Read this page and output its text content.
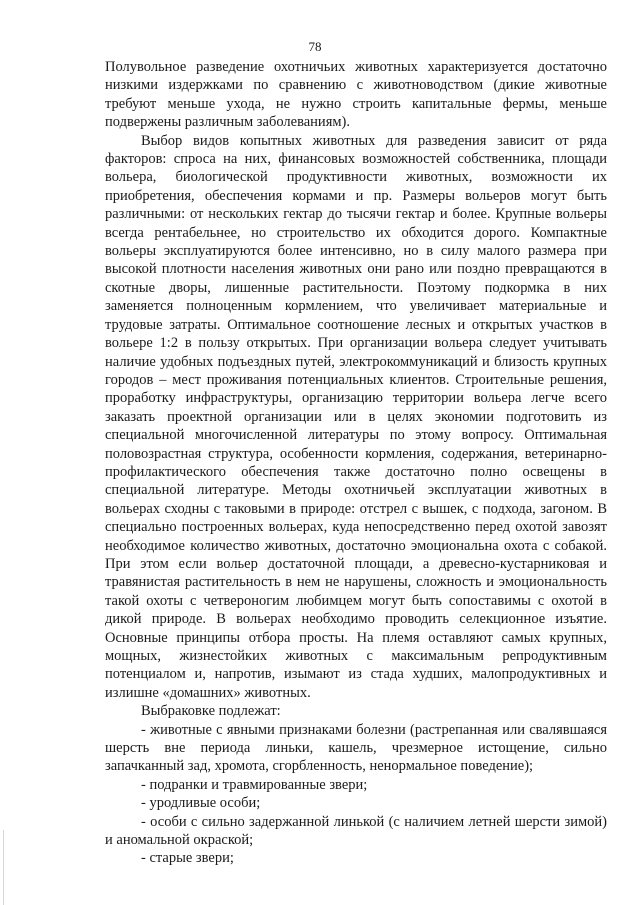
78

Полувольное разведение охотничьих животных характеризуется достаточно низкими издержками по сравнению с животноводством (дикие животные требуют меньше ухода, не нужно строить капитальные фермы, меньше подвержены различным заболеваниям).

Выбор видов копытных животных для разведения зависит от ряда факторов: спроса на них, финансовых возможностей собственника, площади вольера, биологической продуктивности животных, возможности их приобретения, обеспечения кормами и пр. Размеры вольеров могут быть различными: от нескольких гектар до тысячи гектар и более. Крупные вольеры всегда рентабельнее, но строительство их обходится дорого. Компактные вольеры эксплуатируются более интенсивно, но в силу малого размера при высокой плотности населения животных они рано или поздно превращаются в скотные дворы, лишенные растительности. Поэтому подкормка в них заменяется полноценным кормлением, что увеличивает материальные и трудовые затраты. Оптимальное соотношение лесных и открытых участков в вольере 1:2 в пользу открытых. При организации вольера следует учитывать наличие удобных подъездных путей, электрокоммуникаций и близость крупных городов – мест проживания потенциальных клиентов. Строительные решения, проработку инфраструктуры, организацию территории вольера легче всего заказать проектной организации или в целях экономии подготовить из специальной многочисленной литературы по этому вопросу. Оптимальная половозрастная структура, особенности кормления, содержания, ветеринарно-профилактического обеспечения также достаточно полно освещены в специальной литературе. Методы охотничьей эксплуатации животных в вольерах сходны с таковыми в природе: отстрел с вышек, с подхода, загоном. В специально построенных вольерах, куда непосредственно перед охотой завозят необходимое количество животных, достаточно эмоциональна охота с собакой. При этом если вольер достаточной площади, а древесно-кустарниковая и травянистая растительность в нем не нарушены, сложность и эмоциональность такой охоты с четвероногим любимцем могут быть сопоставимы с охотой в дикой природе. В вольерах необходимо проводить селекционное изъятие. Основные принципы отбора просты. На племя оставляют самых крупных, мощных, жизнестойких животных с максимальным репродуктивным потенциалом и, напротив, изымают из стада худших, малопродуктивных и излишне «домашних» животных.

Выбраковке подлежат:

- животные с явными признаками болезни (растрепанная или свалявшаяся шерсть вне периода линьки, кашель, чрезмерное истощение, сильно запачканный зад, хромота, сгорбленность, ненормальное поведение);

- подранки и травмированные звери;

- уродливые особи;

- особи с сильно задержанной линькой (с наличием летней шерсти зимой) и аномальной окраской;

- старые звери;
